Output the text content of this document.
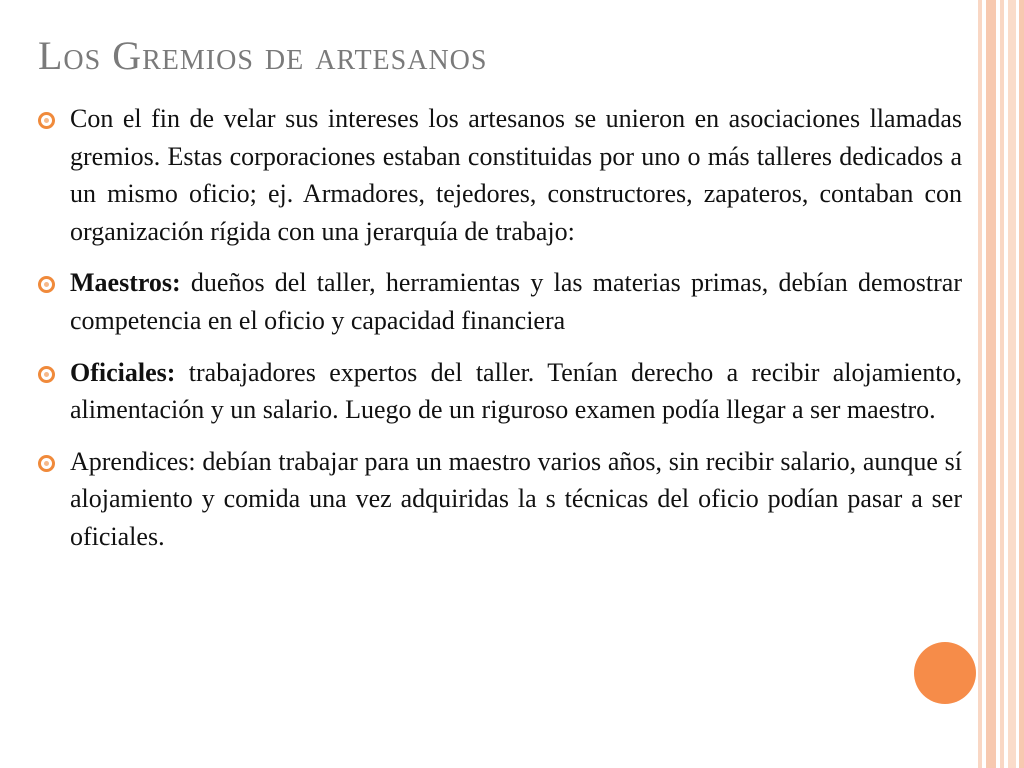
Los Gremios de artesanos
Con el fin de velar sus intereses los artesanos se unieron en asociaciones llamadas gremios. Estas corporaciones estaban constituidas por uno o más talleres dedicados a un mismo oficio; ej. Armadores, tejedores, constructores, zapateros, contaban con organización rígida con una jerarquía de trabajo:
Maestros: dueños del taller, herramientas y las materias primas, debían demostrar competencia en el oficio y capacidad financiera
Oficiales: trabajadores expertos del taller. Tenían derecho a recibir alojamiento, alimentación y un salario. Luego de un riguroso examen podía llegar a ser maestro.
Aprendices: debían trabajar para un maestro varios años, sin recibir salario, aunque sí alojamiento y comida una vez adquiridas la s técnicas del oficio podían pasar a ser oficiales.
